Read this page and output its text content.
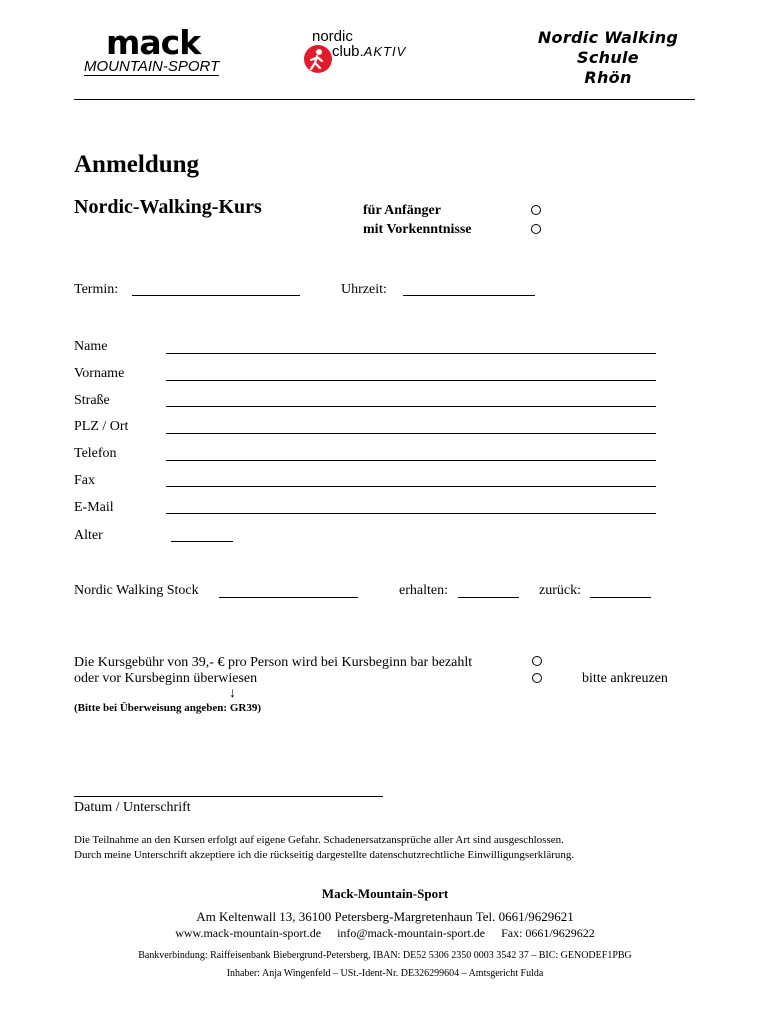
mack
MOUNTAIN-SPORT
nordic
club.AKTIV
Nordic Walking Schule
Rhön
Anmeldung
Nordic-Walking-Kurs	für Anfänger
mit Vorkenntnisse
Termin:	Uhrzeit:
Name
Vorname
Straße
PLZ / Ort
Telefon
Fax
E-Mail
Alter
Nordic Walking Stock	erhalten:	zurück:
Die Kursgebühr von 39,- € pro Person wird bei Kursbeginn bar bezahlt
oder vor Kursbeginn überwiesen	bitte ankreuzen
↓
(Bitte bei Überweisung angeben: GR39)
Datum / Unterschrift
Die Teilnahme an den Kursen erfolgt auf eigene Gefahr. Schadenersatzansprüche aller Art sind ausgeschlossen.
Durch meine Unterschrift akzeptiere ich die rückseitig dargestellte datenschutzrechtliche Einwilligungserklärung.
Mack-Mountain-Sport
Am Keltenwall 13, 36100 Petersberg-Margretenhaun Tel. 0661/9629621
www.mack-mountain-sport.de info@mack-mountain-sport.de Fax: 0661/9629622
Bankverbindung: Raiffeisenbank Biebergrund-Petersberg, IBAN: DE52 5306 2350 0003 3542 37 – BIC: GENODEF1PBG
Inhaber: Anja Wingenfeld – USt.-Ident-Nr. DE326299604 – Amtsgericht Fulda
